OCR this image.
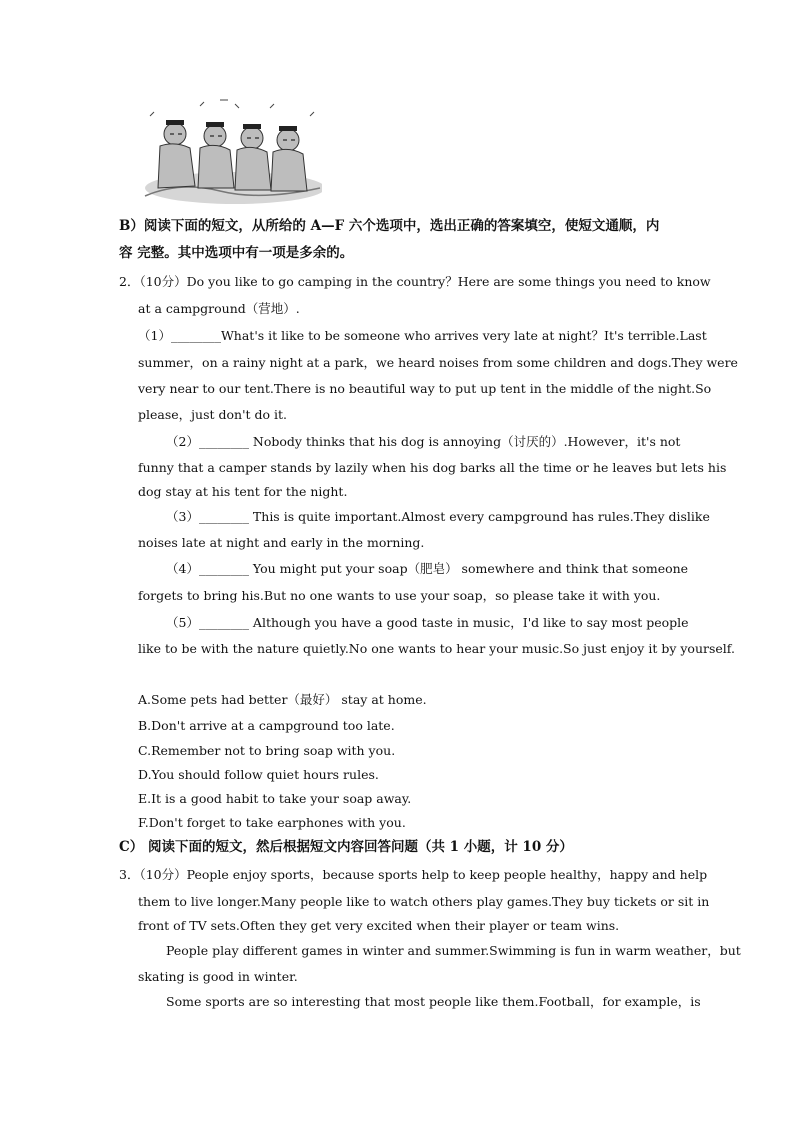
B）阅读下面的短文，从所给的 A—F 六个选项中，选出正确的答案填空，使短文通顺，内
容 完整。其中选项中有一项是多余的。
2．（10分）Do you like to go camping in the country？Here are some things you need to know
at a campground（营地）.
（1）________What's it like to be someone who arrives very late at night？It's terrible.Last
summer，on a rainy night at a park，we heard noises from some children and dogs.They were
very near to our tent.There is no beautiful way to put up tent in the middle of the night.So
please，just don't do it.
（2）________ Nobody thinks that his dog is annoying（讨厌的）.However，it's not
funny that a camper stands by lazily when his dog barks all the time or he leaves but lets his
dog stay at his tent for the night.
（3）________ This is quite important.Almost every campground has rules.They dislike
noises late at night and early in the morning.
（4）________ You might put your soap（肥皂） somewhere and think that someone
forgets to bring his.But no one wants to use your soap，so please take it with you.
（5）________ Although you have a good taste in music，I'd like to say most people
like to be with the nature quietly.No one wants to hear your music.So just enjoy it by yourself.
A.Some pets had better（最好） stay at home.
B.Don't arrive at a campground too late.
C.Remember not to bring soap with you.
D.You should follow quiet hours rules.
E.It is a good habit to take your soap away.
F.Don't forget to take earphones with you.
C） 阅读下面的短文，然后根据短文内容回答问题（共 1 小题，计 10 分）
3．（10分）People enjoy sports，because sports help to keep people healthy，happy and help
them to live longer.Many people like to watch others play games.They buy tickets or sit in
front of TV sets.Often they get very excited when their player or team wins.
People play different games in winter and summer.Swimming is fun in warm weather，but
skating is good in winter.
Some sports are so interesting that most people like them.Football，for example，is
